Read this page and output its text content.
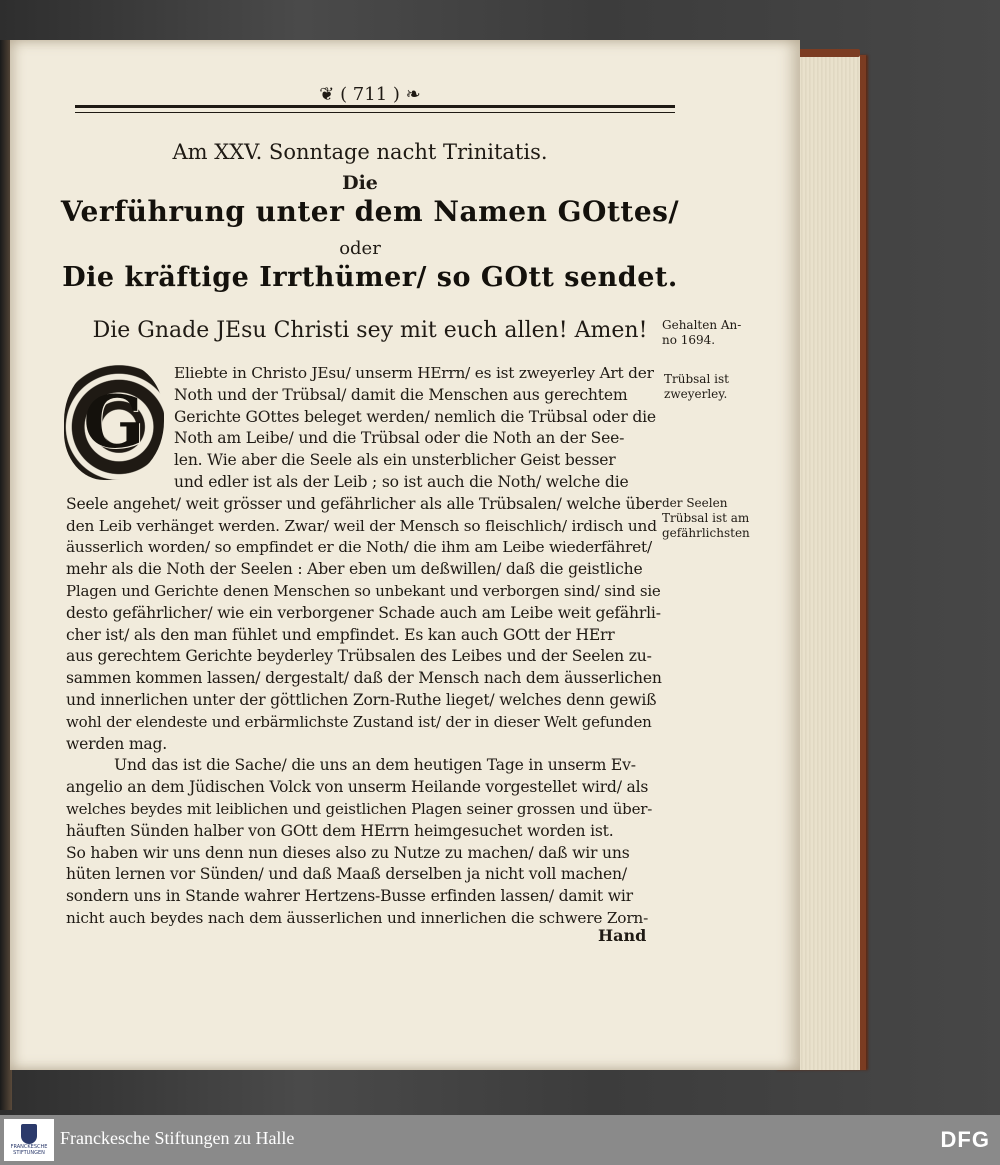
❦ ( 711 ) ❧
Am XXV. Sonntage nacht Trinitatis.
Die
Verführung unter dem Namen GOttes/
oder
Die kräftige Irrthümer/ so GOtt sendet.
Die Gnade JEsu Christi sey mit euch allen! Amen!	Gehalten An-
no 1694.
Trübsal ist
zweyerley.
der Seelen
Trübsal ist am
gefährlichsten
G
Eliebte in Christo JEsu/ unserm HErrn/ es ist zweyerley Art der
Noth und der Trübsal/ damit die Menschen aus gerechtem
Gerichte GOttes beleget werden/ nemlich die Trübsal oder die
Noth am Leibe/ und die Trübsal oder die Noth an der See-
len. Wie aber die Seele als ein unsterblicher Geist besser
und edler ist als der Leib ; so ist auch die Noth/ welche die
Seele angehet/ weit grösser und gefährlicher als alle Trübsalen/ welche über
den Leib verhänget werden. Zwar/ weil der Mensch so fleischlich/ irdisch und
äusserlich worden/ so empfindet er die Noth/ die ihm am Leibe wiederfähret/
mehr als die Noth der Seelen : Aber eben um deßwillen/ daß die geistliche
Plagen und Gerichte denen Menschen so unbekant und verborgen sind/ sind sie
desto gefährlicher/ wie ein verborgener Schade auch am Leibe weit gefährli-
cher ist/ als den man fühlet und empfindet. Es kan auch GOtt der HErr
aus gerechtem Gerichte beyderley Trübsalen des Leibes und der Seelen zu-
sammen kommen lassen/ dergestalt/ daß der Mensch nach dem äusserlichen
und innerlichen unter der göttlichen Zorn-Ruthe lieget/ welches denn gewiß
wohl der elendeste und erbärmlichste Zustand ist/ der in dieser Welt gefunden
werden mag.
Und das ist die Sache/ die uns an dem heutigen Tage in unserm Ev-
angelio an dem Jüdischen Volck von unserm Heilande vorgestellet wird/ als
welches beydes mit leiblichen und geistlichen Plagen seiner grossen und über-
häuften Sünden halber von GOtt dem HErrn heimgesuchet worden ist.
So haben wir uns denn nun dieses also zu Nutze zu machen/ daß wir uns
hüten lernen vor Sünden/ und daß Maaß derselben ja nicht voll machen/
sondern uns in Stande wahrer Hertzens-Busse erfinden lassen/ damit wir
nicht auch beydes nach dem äusserlichen und innerlichen die schwere Zorn-
Hand
FRANCKESCHE
STIFTUNGEN
Franckesche Stiftungen zu Halle	DFG
